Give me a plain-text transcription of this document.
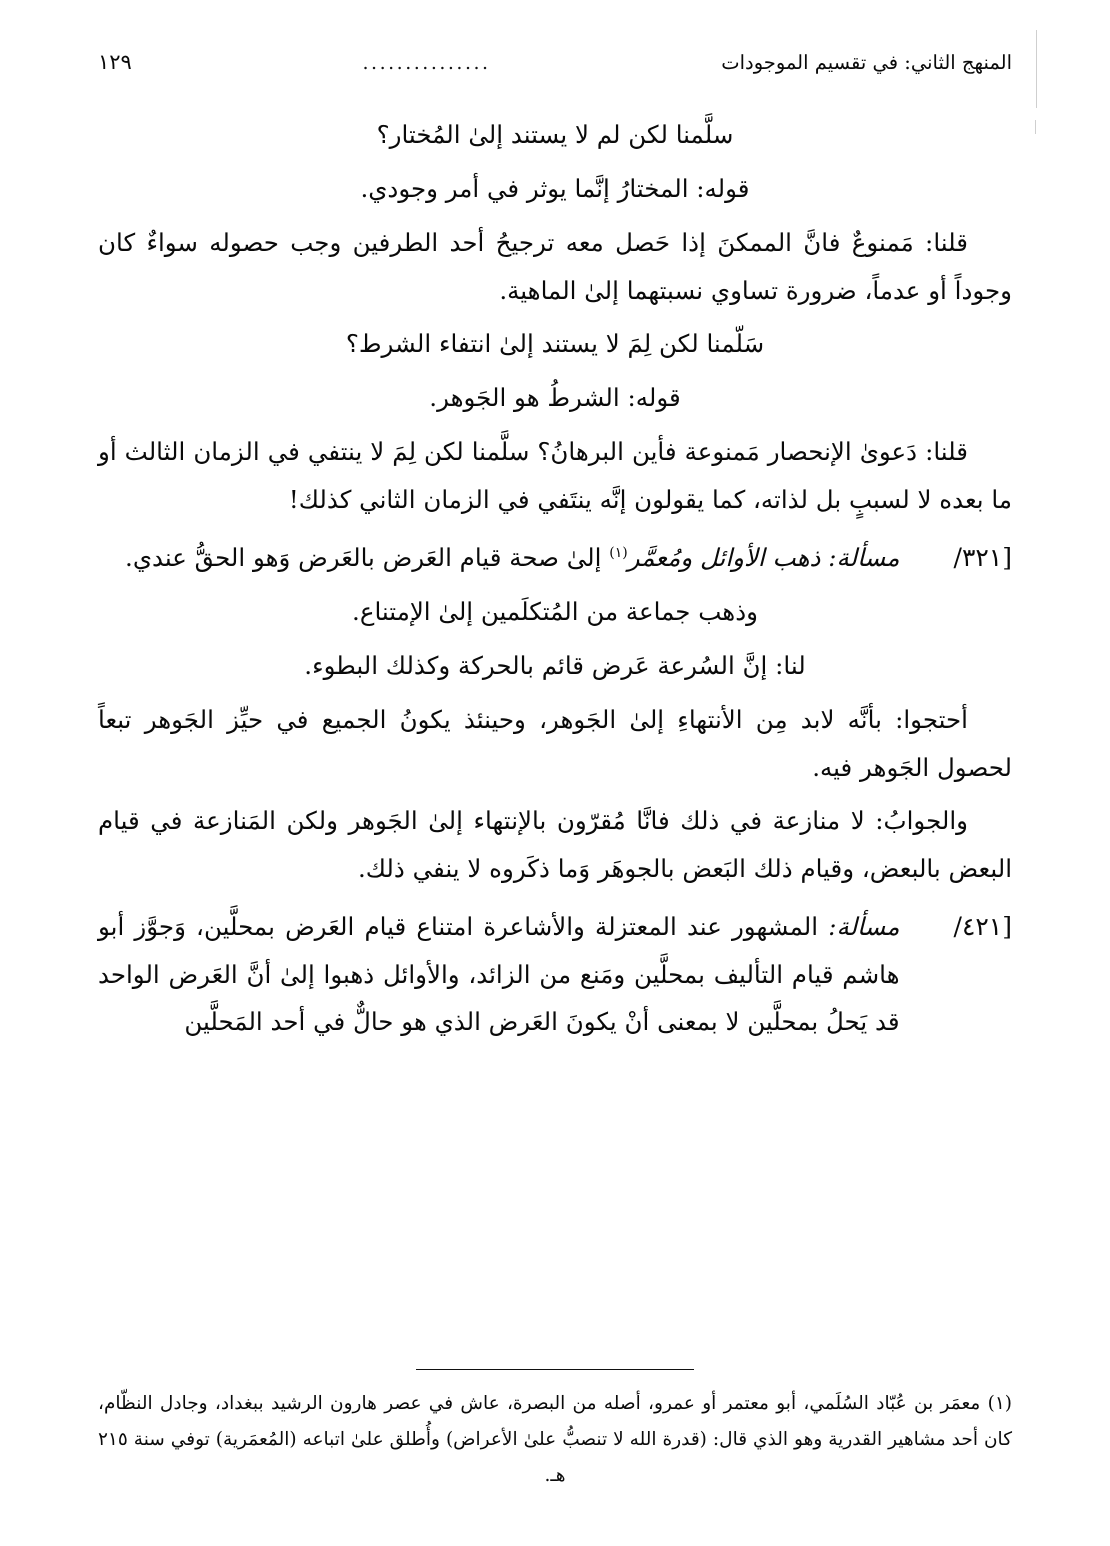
المنهج الثاني: في تقسيم الموجودات
...............
١٢٩

سلَّمنا لكن لم لا يستند إلىٰ المُختار؟

قوله: المختارُ إنَّما يوثر في أمر وجودي.

قلنا: مَمنوعٌ فانَّ الممكنَ إذا حَصل معه ترجيحُ أحد الطرفين وجب حصوله سواءٌ كان وجوداً أو عدماً، ضرورة تساوي نسبتهما إلىٰ الماهية.

سَلّمنا لكن لِمَ لا يستند إلىٰ انتفاء الشرط؟

قوله: الشرطُ هو الجَوهر.

قلنا: دَعوىٰ الإنحصار مَمنوعة فأين البرهانُ؟ سلَّمنا لكن لِمَ لا ينتفي في الزمان الثالث أو ما بعده لا لسببٍ بل لذاته، كما يقولون إنَّه ينتَفي في الزمان الثاني كذلك!

[١٢٣/
مسألة: ذهب الأوائل ومُعمَّر$^{(١)}$ إلىٰ صحة قيام العَرض بالعَرض وَهو الحقُّ عندي.

وذهب جماعة من المُتكلَمين إلىٰ الإمتناع.

لنا: إنَّ السُرعة عَرض قائم بالحركة وكذلك البطوء.

أحتجوا: بأنَّه لابد مِن الأنتهاءِ إلىٰ الجَوهر، وحينئذ يكونُ الجميع في حيِّز الجَوهر تبعاً لحصول الجَوهر فيه.

والجوابُ: لا منازعة في ذلك فانَّا مُقرّون بالإنتهاء إلىٰ الجَوهر ولكن المَنازعة في قيام البعض بالبعض، وقيام ذلك البَعض بالجوهَر وَما ذكَروه لا ينفي ذلك.

[١٢٤/
مسألة: المشهور عند المعتزلة والأشاعرة امتناع قيام العَرض بمحلَّين، وَجوَّز أبو هاشم قيام التأليف بمحلَّين ومَنع من الزائد، والأوائل ذهبوا إلىٰ أنَّ العَرض الواحد قد يَحلُ بمحلَّين لا بمعنى أنْ يكونَ العَرض الذي هو حالٌّ في أحد المَحلَّين
(١) معمَر بن عُبّاد السُلَمي، أبو معتمر أو عمرو، أصله من البصرة، عاش في عصر هارون الرشيد ببغداد، وجادل النظّام، كان أحد مشاهير القدرية وهو الذي قال: (قدرة الله لا تنصبُّ علىٰ الأعراض) وأُطلق علىٰ اتباعه (المُعمَرية) توفي سنة ٢١٥ هـ.
